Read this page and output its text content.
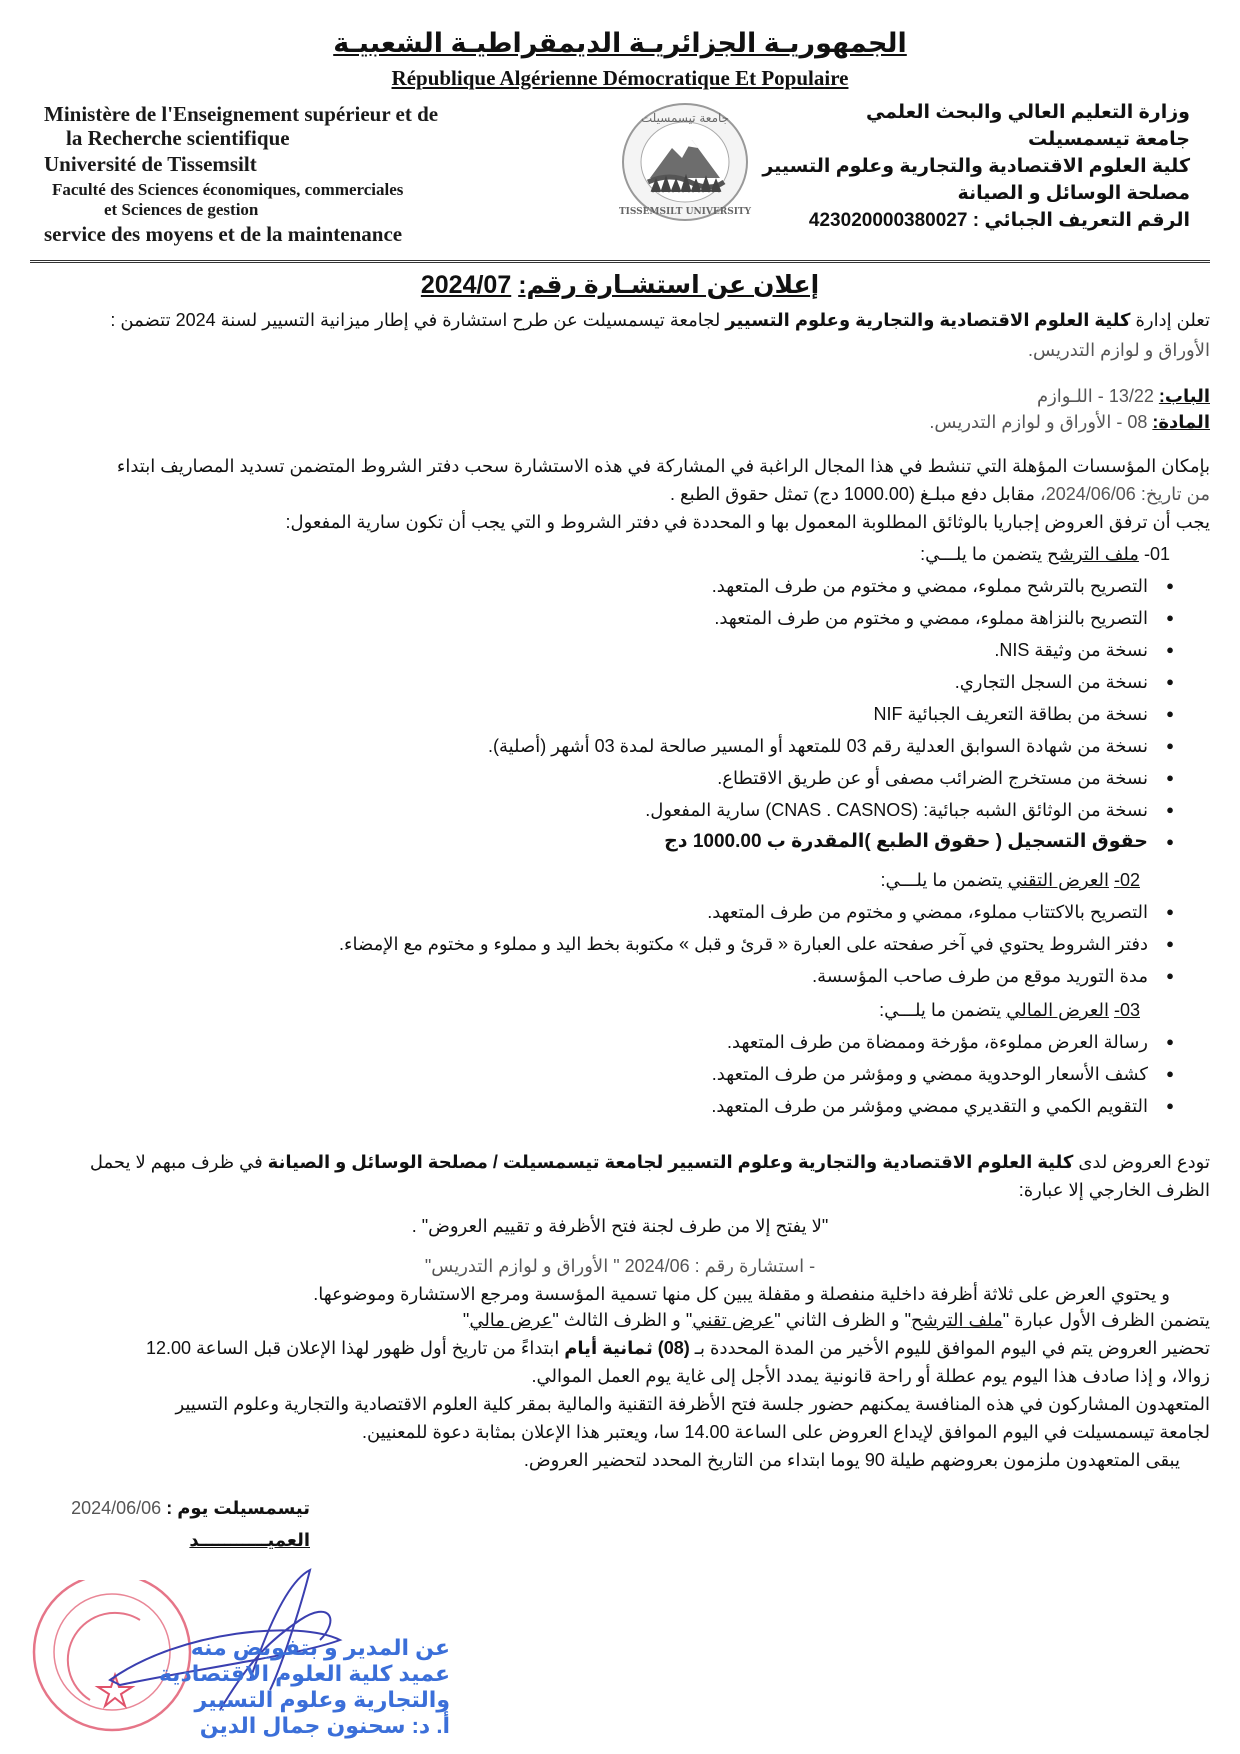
الجمهوريـة الجزائريـة الديمقراطيـة الشعبيـة
République Algérienne Démocratique Et Populaire
Ministère de l'Enseignement supérieur et de
la Recherche scientifique
Université de Tissemsilt
Faculté des Sciences économiques, commerciales
et Sciences de gestion
service des moyens et de la maintenance
جامعة تيسمسيلت
TISSEMSILT UNIVERSITY
وزارة التعليم العالي والبحث العلمي
جامعة تيسمسيلت
كلية العلوم الاقتصادية والتجارية وعلوم التسيير
مصلحة الوسائل و الصيانة
الرقم التعريف الجبائي : 423020000380027
إعلان عن استشـارة رقم: 2024/07
تعلن إدارة كلية العلوم الاقتصادية والتجارية وعلوم التسيير لجامعة تيسمسيلت عن طرح استشارة في إطار ميزانية التسيير لسنة 2024 تتضمن :
الأوراق و لوازم التدريس.
الباب: 13/22 - اللـوازم
المادة: 08 - الأوراق و لوازم التدريس.
بإمكان المؤسسات المؤهلة التي تنشط في هذا المجال الراغبة في المشاركة في هذه الاستشارة سحب دفتر الشروط المتضمن تسديد المصاريف ابتداء
من تاريخ: 2024/06/06، مقابل دفع مبلـغ (1000.00 دج) تمثل حقوق الطبع .
يجب أن ترفق العروض إجباريا بالوثائق المطلوبة المعمول بها و المحددة في دفتر الشروط و التي يجب أن تكون سارية المفعول:
01- ملف الترشح يتضمن ما يلـــي:
● التصريح بالترشح مملوء، ممضي و مختوم من طرف المتعهد.
● التصريح بالنزاهة مملوء، ممضي و مختوم من طرف المتعهد.
● نسخة من وثيقة NIS.
● نسخة من السجل التجاري.
● نسخة من بطاقة التعريف الجبائية NIF
● نسخة من شهادة السوابق العدلية رقم 03 للمتعهد أو المسير صالحة لمدة 03 أشهر (أصلية).
● نسخة من مستخرج الضرائب مصفى أو عن طريق الاقتطاع.
● نسخة من الوثائق الشبه جبائية: (CNAS . CASNOS) سارية المفعول.
● حقوق التسجيل ( حقوق الطبع )المقدرة ب 1000.00 دج
02- العرض التقني يتضمن ما يلـــي:
● التصريح بالاكتتاب مملوء، ممضي و مختوم من طرف المتعهد.
● دفتر الشروط يحتوي في آخر صفحته على العبارة « قرئ و قبل » مكتوبة بخط اليد و مملوء و مختوم مع الإمضاء.
● مدة التوريد موقع من طرف صاحب المؤسسة.
03- العرض المالي يتضمن ما يلـــي:
● رسالة العرض مملوءة، مؤرخة وممضاة من طرف المتعهد.
● كشف الأسعار الوحدوية ممضي و ومؤشر من طرف المتعهد.
● التقويم الكمي و التقديري ممضي ومؤشر من طرف المتعهد.
تودع العروض لدى كلية العلوم الاقتصادية والتجارية وعلوم التسيير لجامعة تيسمسيلت / مصلحة الوسائل و الصيانة في ظرف مبهم لا يحمل
الظرف الخارجي إلا عبارة:
"لا يفتح إلا من طرف لجنة فتح الأظرفة و تقييم العروض" .
- استشارة رقم : 2024/06 " الأوراق و لوازم التدريس"
و يحتوي العرض على ثلاثة أظرفة داخلية منفصلة و مقفلة يبين كل منها تسمية المؤسسة ومرجع الاستشارة وموضوعها.
يتضمن الظرف الأول عبارة "ملف الترشح" و الظرف الثاني "عرض تقني" و الظرف الثالث "عرض مالي"
تحضير العروض يتم في اليوم الموافق لليوم الأخير من المدة المحددة بـ (08) ثمانية أيام ابتداءً من تاريخ أول ظهور لهذا الإعلان قبل الساعة 12.00
زوالا، و إذا صادف هذا اليوم يوم عطلة أو راحة قانونية يمدد الأجل إلى غاية يوم العمل الموالي.
المتعهدون المشاركون في هذه المنافسة يمكنهم حضور جلسة فتح الأظرفة التقنية والمالية بمقر كلية العلوم الاقتصادية والتجارية وعلوم التسيير
لجامعة تيسمسيلت في اليوم الموافق لإيداع العروض على الساعة 14.00 سا، ويعتبر هذا الإعلان بمثابة دعوة للمعنيين.
يبقى المتعهدون ملزمون بعروضهم طيلة 90 يوما ابتداء من التاريخ المحدد لتحضير العروض.
تيسمسيلت يوم : 2024/06/06
العميـــــــــــد
عن المدير و بتفويض منه
عميد كلية العلوم الاقتصادية
والتجارية وعلوم التسيير
أ. د: سحنون جمال الدين
